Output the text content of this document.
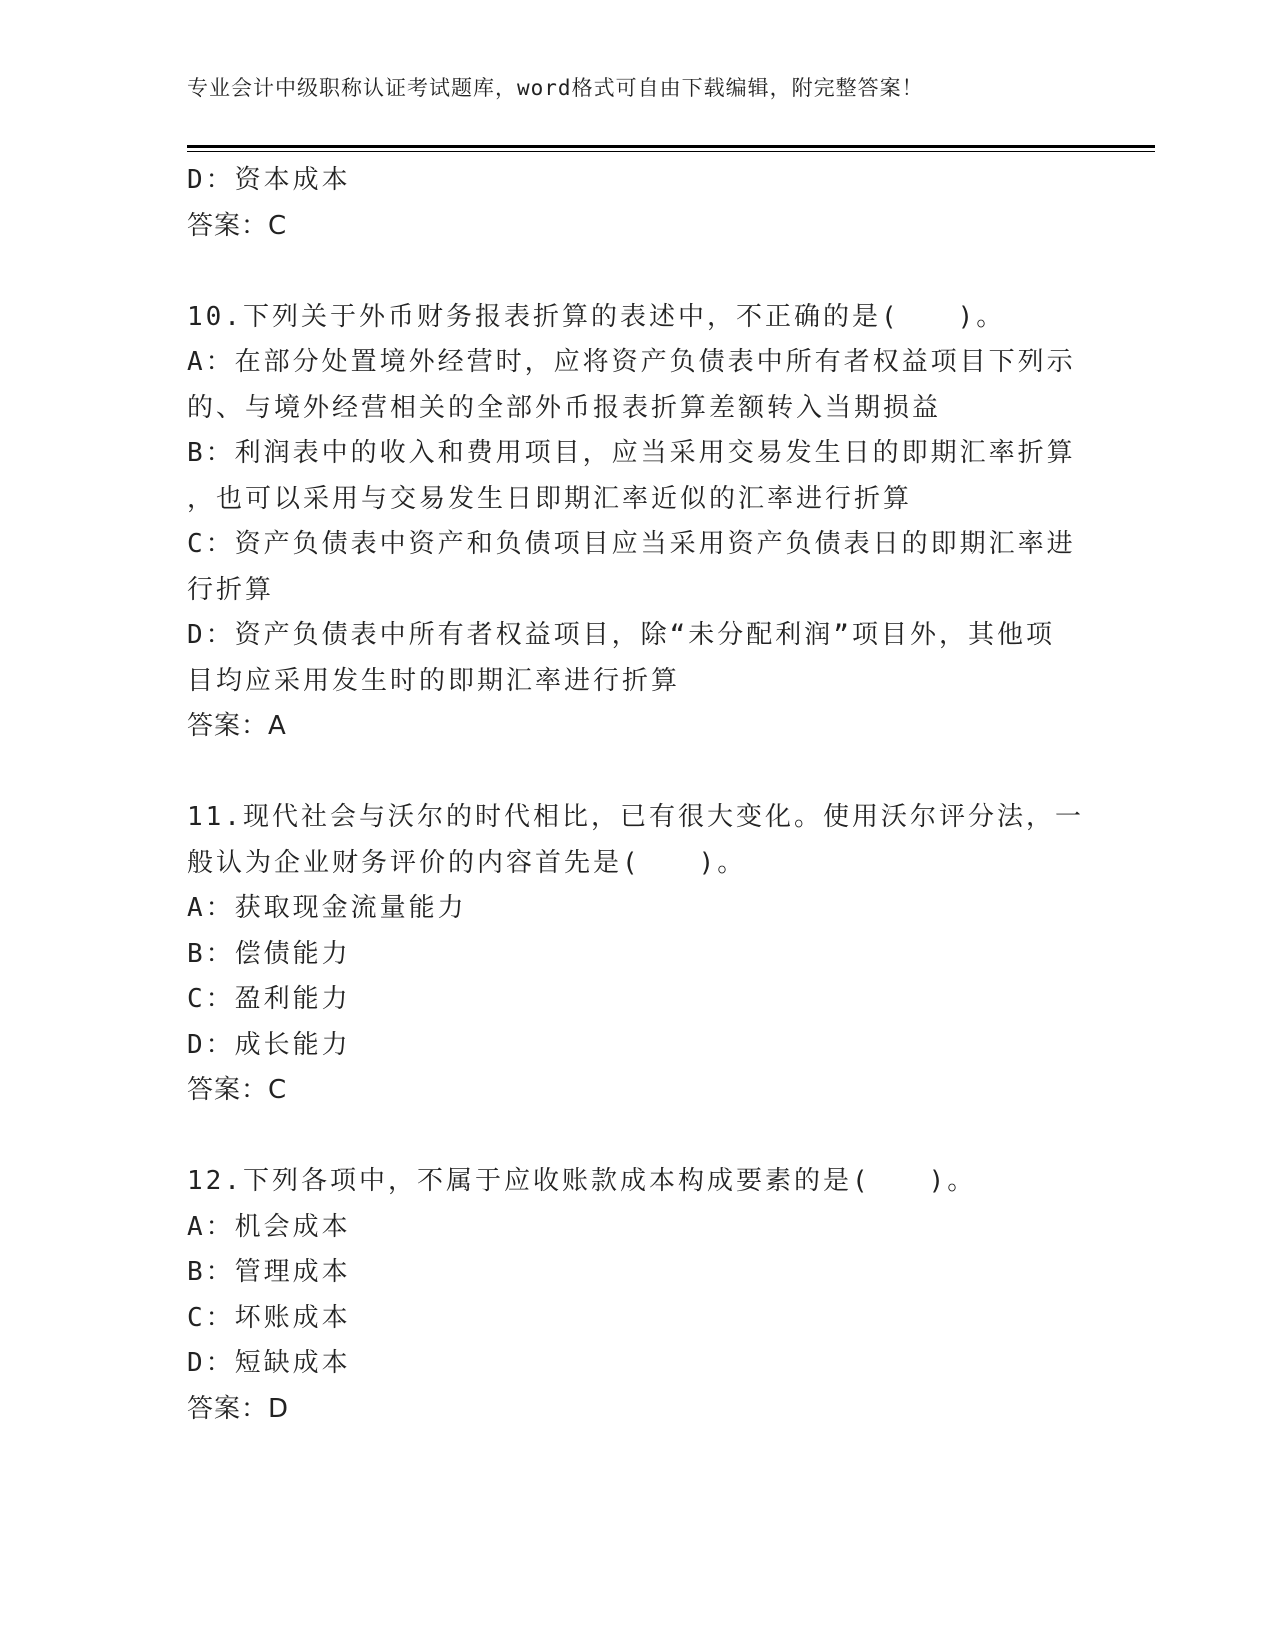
专业会计中级职称认证考试题库，word格式可自由下载编辑，附完整答案！
D：资本成本
答案：C
10.下列关于外币财务报表折算的表述中，不正确的是(　　)。
A：在部分处置境外经营时，应将资产负债表中所有者权益项目下列示
的、与境外经营相关的全部外币报表折算差额转入当期损益
B：利润表中的收入和费用项目，应当采用交易发生日的即期汇率折算
，也可以采用与交易发生日即期汇率近似的汇率进行折算
C：资产负债表中资产和负债项目应当采用资产负债表日的即期汇率进
行折算
D：资产负债表中所有者权益项目，除“未分配利润”项目外，其他项
目均应采用发生时的即期汇率进行折算
答案：A
11.现代社会与沃尔的时代相比，已有很大变化。使用沃尔评分法，一
般认为企业财务评价的内容首先是(　　)。
A：获取现金流量能力
B：偿债能力
C：盈利能力
D：成长能力
答案：C
12.下列各项中，不属于应收账款成本构成要素的是(　　)。
A：机会成本
B：管理成本
C：坏账成本
D：短缺成本
答案：D
